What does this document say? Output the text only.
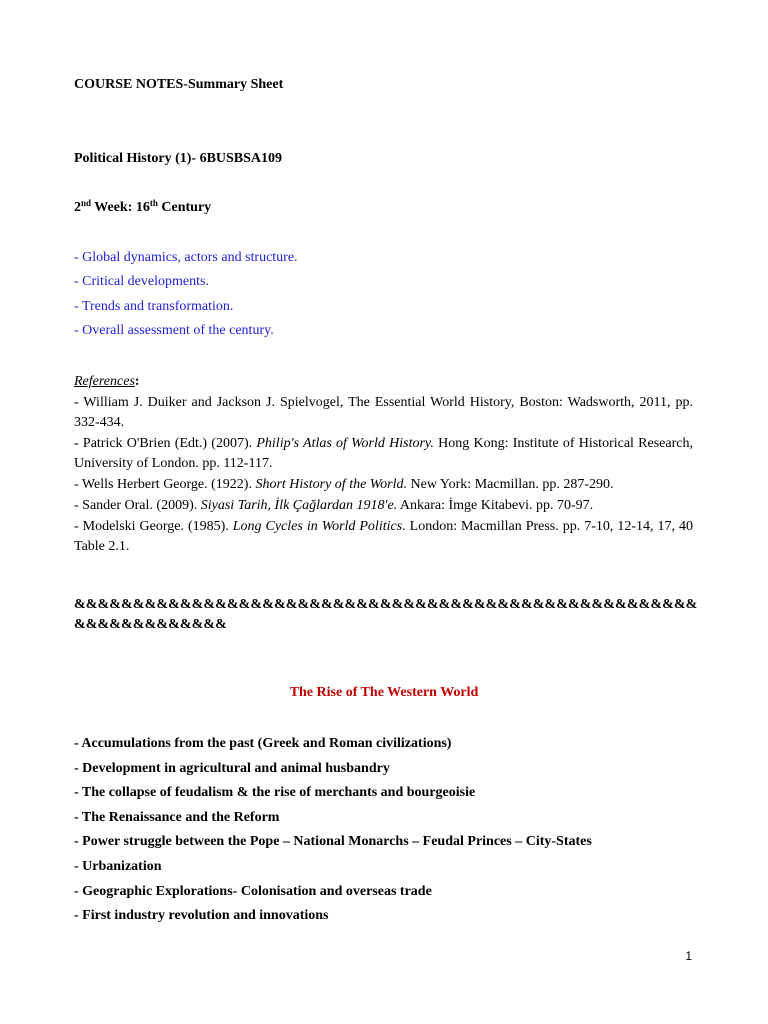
COURSE NOTES-Summary Sheet
Political History (1)- 6BUSBSA109
2nd Week: 16th Century
- Global dynamics, actors and structure.
- Critical developments.
- Trends and transformation.
- Overall assessment of the century.
References:
- William J. Duiker and Jackson J. Spielvogel, The Essential World History, Boston: Wadsworth, 2011, pp. 332-434.
- Patrick O'Brien (Edt.) (2007). Philip's Atlas of World History. Hong Kong: Institute of Historical Research, University of London. pp. 112-117.
- Wells Herbert George. (1922). Short History of the World. New York: Macmillan. pp. 287-290.
- Sander Oral. (2009). Siyasi Tarih, İlk Çağlardan 1918'e. Ankara: İmge Kitabevi. pp. 70-97.
- Modelski George. (1985). Long Cycles in World Politics. London: Macmillan Press. pp. 7-10, 12-14, 17, 40 Table 2.1.
&&&&&&&&&&&&&&&&&&&&&&&&&&&&&&&&&&&&&&&&&&&&&&&&&&&&&&&&&&&&&&&&&&
The Rise of The Western World
- Accumulations from the past (Greek and Roman civilizations)
- Development in agricultural and animal husbandry
- The collapse of feudalism & the rise of merchants and bourgeoisie
- The Renaissance and the Reform
- Power struggle between the Pope – National Monarchs – Feudal Princes – City-States
- Urbanization
- Geographic Explorations- Colonisation and overseas trade
- First industry revolution and innovations
1
